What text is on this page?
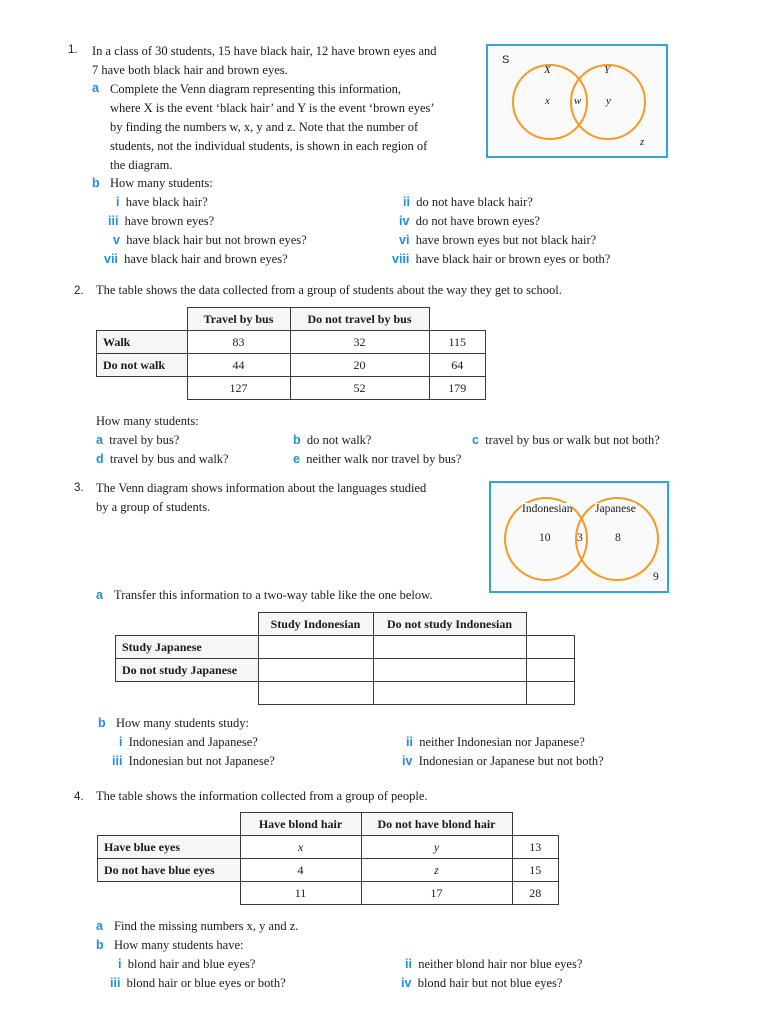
1. In a class of 30 students, 15 have black hair, 12 have brown eyes and
7 have both black hair and brown eyes.
a Complete the Venn diagram representing this information,
where X is the event ‘black hair’ and Y is the event ‘brown eyes’
by finding the numbers w, x, y and z. Note that the number of
students, not the individual students, is shown in each region of
the diagram.
b How many students:
i have black hair?	ii do not have black hair?
iii have brown eyes?	iv do not have brown eyes?
v have black hair but not brown eyes?	vi have brown eyes but not black hair?
vii have black hair and brown eyes?	viii have black hair or brown eyes or both?
S
X	Y
x w y
z
2. The table shows the data collected from a group of students about the way they get to school.
	Travel by bus	Do not travel by bus	
Walk	83	32	115
Do not walk	44	20	64
	127	52	179
How many students:
a travel by bus?	b do not walk?	c travel by bus or walk but not both?
d travel by bus and walk?	e neither walk nor travel by bus?
3. The Venn diagram shows information about the languages studied
by a group of students.	Indonesian Japanese
10 3	8
9
a Transfer this information to a two-way table like the one below.
	Study Indonesian	Do not study Indonesian	
Study Japanese			
Do not study Japanese			

b How many students study:
i Indonesian and Japanese?	ii neither Indonesian nor Japanese?
iii Indonesian but not Japanese?	iv Indonesian or Japanese but not both?
4. The table shows the information collected from a group of people.
	Have blond hair	Do not have blond hair	
Have blue eyes	x	y	13
Do not have blue eyes	4	z	15
	11	17	28
a Find the missing numbers x, y and z.
b How many students have:
i blond hair and blue eyes?	ii neither blond hair nor blue eyes?
iii blond hair or blue eyes or both?	iv blond hair but not blue eyes?
